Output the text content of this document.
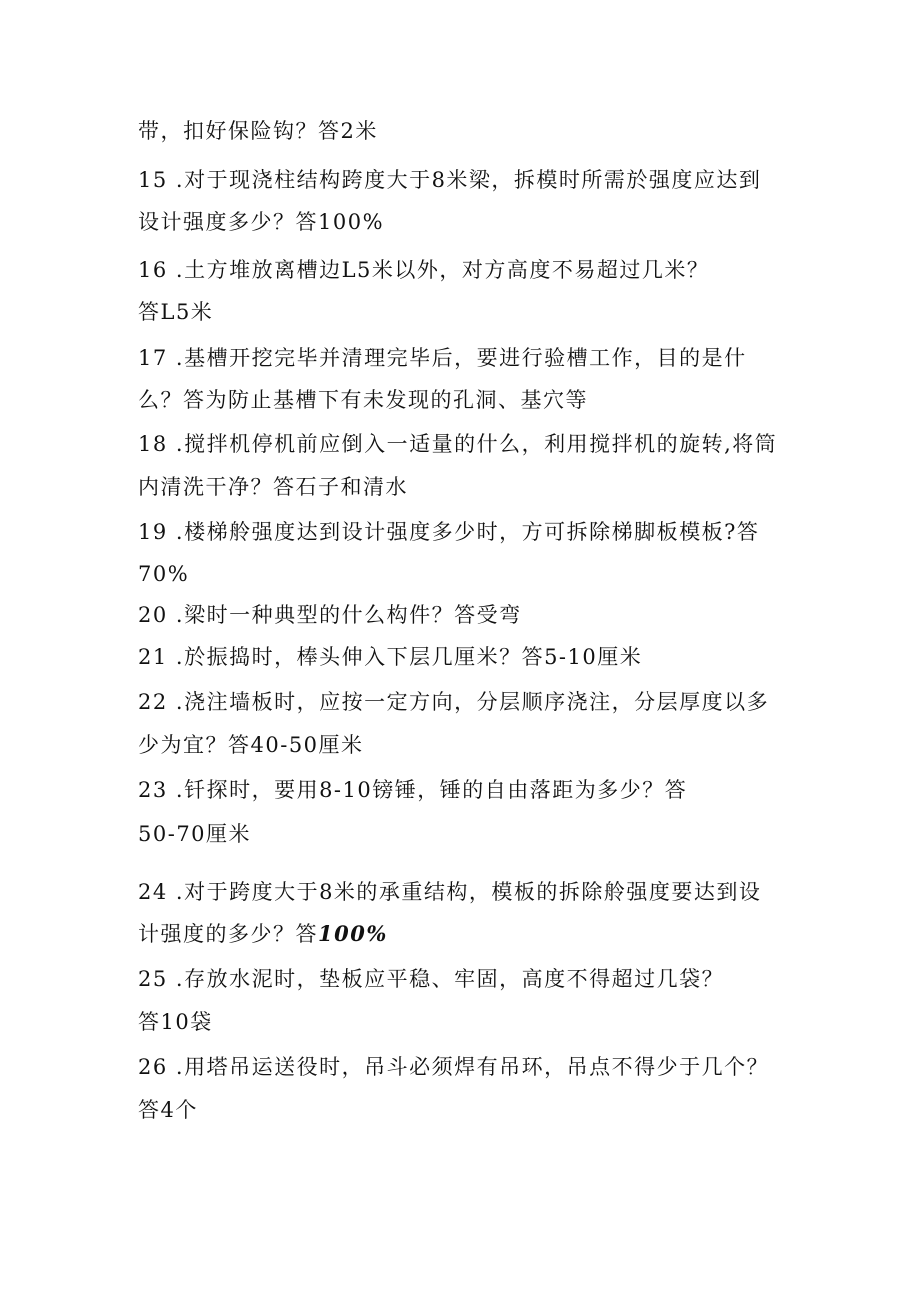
带，扣好保险钩？答2米
15 .对于现浇柱结构跨度大于8米梁，拆模时所需於强度应达到
设计强度多少？答100%
16 .土方堆放离槽边L5米以外，对方高度不易超过几米？
答L5米
17 .基槽开挖完毕并清理完毕后，要进行验槽工作，目的是什
么？答为防止基槽下有未发现的孔洞、基穴等
18 .搅拌机停机前应倒入一适量的什么，利用搅拌机的旋转,将筒
内清洗干净？答石子和清水
19 .楼梯舲强度达到设计强度多少时，方可拆除梯脚板模板?答
70%
20 .梁时一种典型的什么构件？答受弯
21 .於振捣时，棒头伸入下层几厘米？答5-10厘米
22 .浇注墙板时，应按一定方向，分层顺序浇注，分层厚度以多
少为宜？答40-50厘米
23 .钎探时，要用8-10镑锤，锤的自由落距为多少？答
50-70厘米
24 .对于跨度大于8米的承重结构，模板的拆除舲强度要达到设
计强度的多少？答100%
25 .存放水泥时，垫板应平稳、牢固，高度不得超过几袋？
答10袋
26 .用塔吊运送役时，吊斗必须焊有吊环，吊点不得少于几个？
答4个
